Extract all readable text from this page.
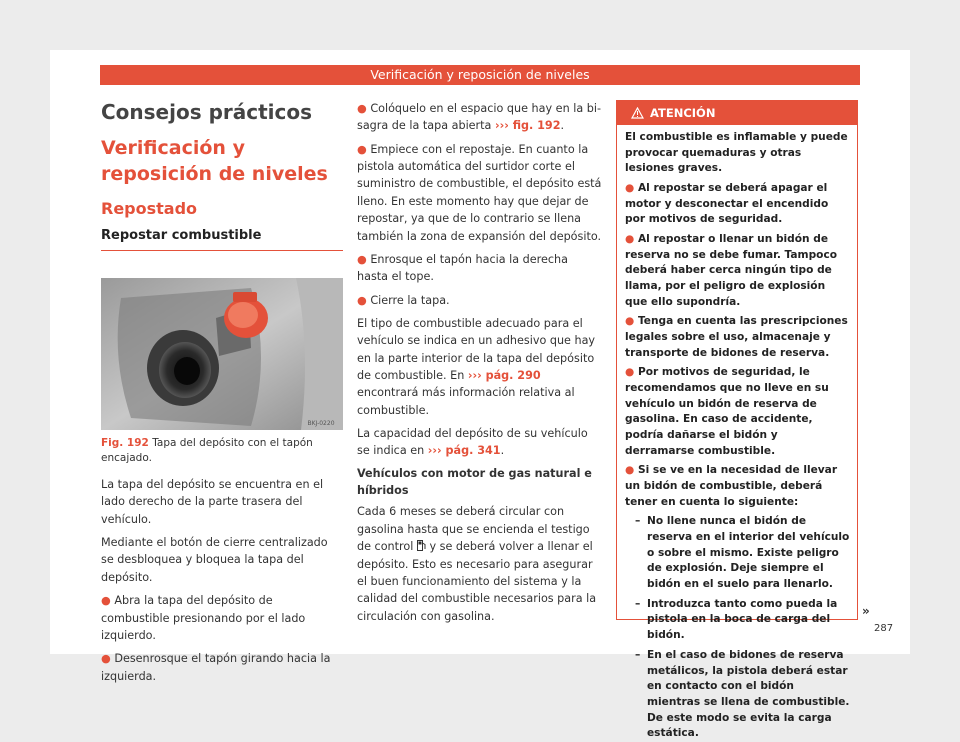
Verificación y reposición de niveles
Consejos prácticos
Verificación y reposición de niveles
Repostado
Repostar combustible
BKJ-0220
Fig. 192 Tapa del depósito con el tapón encajado.

La tapa del depósito se encuentra en el lado derecho de la parte trasera del vehículo.

Mediante el botón de cierre centralizado se desbloquea y bloquea la tapa del depósito.

● Abra la tapa del depósito de combustible presionando por el lado izquierdo.

● Desenrosque el tapón girando hacia la izquierda.

● Colóquelo en el espacio que hay en la bisagra de la tapa abierta ››› fig. 192.

● Empiece con el repostaje. En cuanto la pistola automática del surtidor corte el suministro de combustible, el depósito está lleno. En este momento hay que dejar de repostar, ya que de lo contrario se llena también la zona de expansión del depósito.

● Enrosque el tapón hacia la derecha hasta el tope.

● Cierre la tapa.

El tipo de combustible adecuado para el vehículo se indica en un adhesivo que hay en la parte interior de la tapa del depósito de combustible. En ››› pág. 290 encontrará más información relativa al combustible.

La capacidad del depósito de su vehículo se indica en ››› pág. 341.

Vehículos con motor de gas natural e híbridos

Cada 6 meses se deberá circular con gasolina hasta que se encienda el testigo de control  y se deberá volver a llenar el depósito. Esto es necesario para asegurar el buen funcionamiento del sistema y la calidad del combustible necesarios para la circulación con gasolina.

ATENCIÓN

El combustible es inflamable y puede provocar quemaduras y otras lesiones graves.

● Al repostar se deberá apagar el motor y desconectar el encendido por motivos de seguridad.

● Al repostar o llenar un bidón de reserva no se debe fumar. Tampoco deberá haber cerca ningún tipo de llama, por el peligro de explosión que ello supondría.

● Tenga en cuenta las prescripciones legales sobre el uso, almacenaje y transporte de bidones de reserva.

● Por motivos de seguridad, le recomendamos que no lleve en su vehículo un bidón de reserva de gasolina. En caso de accidente, podría dañarse el bidón y derramarse combustible.

● Si se ve en la necesidad de llevar un bidón de combustible, deberá tener en cuenta lo siguiente:

– No llene nunca el bidón de reserva en el interior del vehículo o sobre el mismo. Existe peligro de explosión. Deje siempre el bidón en el suelo para llenarlo.
– Introduzca tanto como pueda la pistola en la boca de carga del bidón.
– En el caso de bidones de reserva metálicos, la pistola deberá estar en contacto con el bidón mientras se llena de combustible. De este modo se evita la carga estática.
»
287
